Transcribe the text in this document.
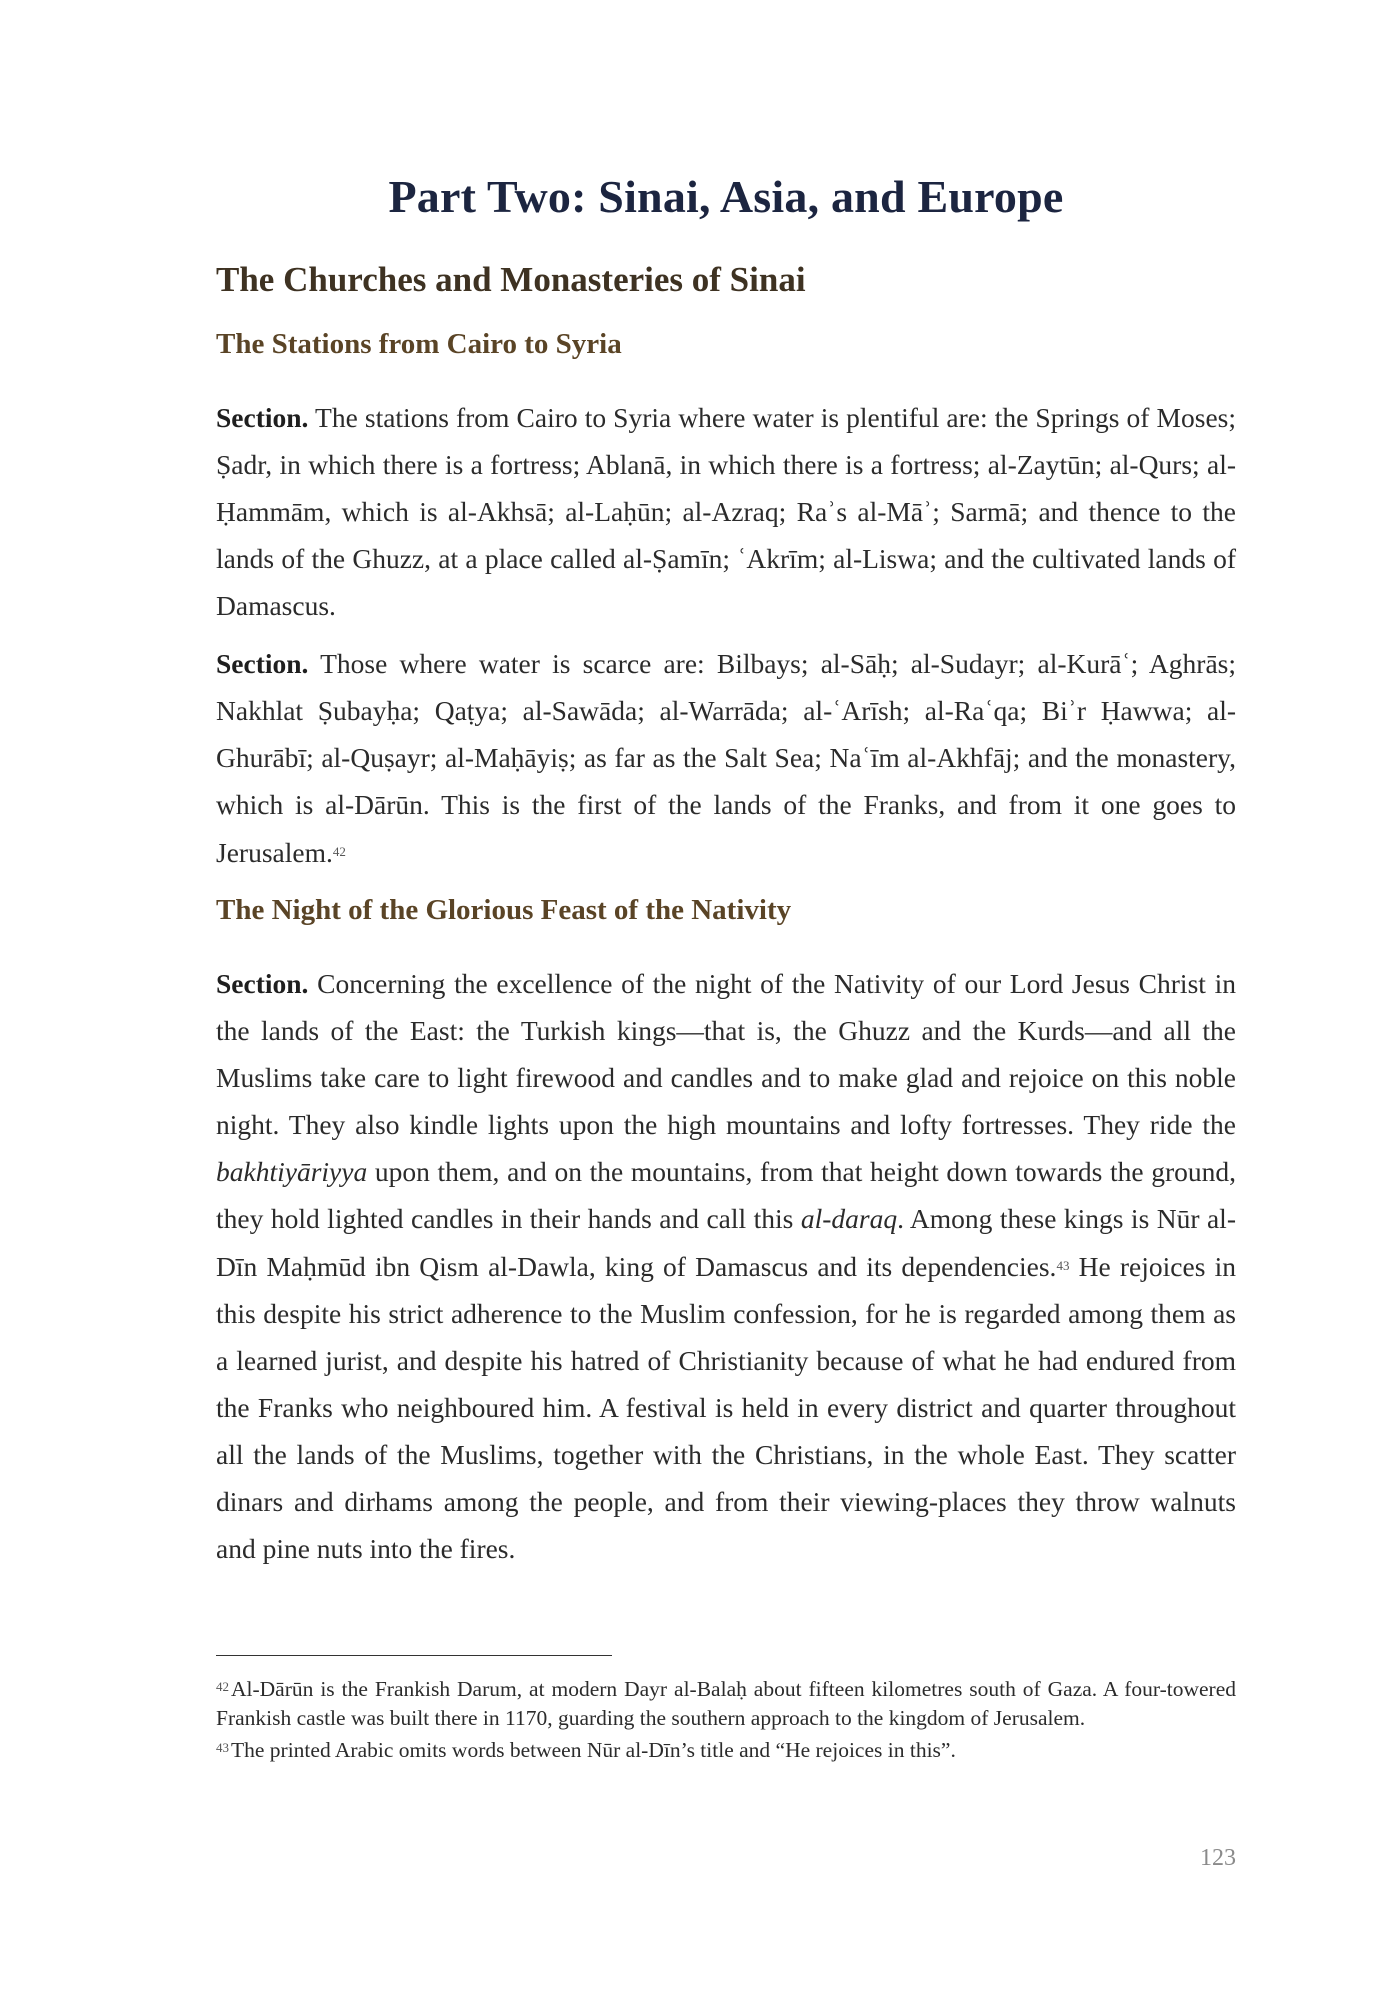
Part Two: Sinai, Asia, and Europe
The Churches and Monasteries of Sinai
The Stations from Cairo to Syria

Section. The stations from Cairo to Syria where water is plentiful are: the Springs of Moses; Ṣadr, in which there is a fortress; Ablanā, in which there is a fortress; al-Zaytūn; al-Qurs; al-Ḥammām, which is al-Akhsā; al-Laḥūn; al-Azraq; Raʾs al-Māʾ; Sarmā; and thence to the lands of the Ghuzz, at a place called al-Ṣamīn; ʿAkrīm; al-Liswa; and the cultivated lands of Damascus.

Section. Those where water is scarce are: Bilbays; al-Sāḥ; al-Sudayr; al-Kurāʿ; Aghrās; Nakhlat Ṣubayḥa; Qaṭya; al-Sawāda; al-Warrāda; al-ʿArīsh; al-Raʿqa; Biʾr Ḥawwa; al-Ghurābī; al-Quṣayr; al-Maḥāyiṣ; as far as the Salt Sea; Naʿīm al-Akhfāj; and the monastery, which is al-Dārūn. This is the first of the lands of the Franks, and from it one goes to Jerusalem.$^{42}$

The Night of the Glorious Feast of the Nativity

Section. Concerning the excellence of the night of the Nativity of our Lord Jesus Christ in the lands of the East: the Turkish kings—that is, the Ghuzz and the Kurds—and all the Muslims take care to light firewood and candles and to make glad and rejoice on this noble night. They also kindle lights upon the high mountains and lofty fortresses. They ride the bakhtiyāriyya upon them, and on the mountains, from that height down towards the ground, they hold lighted candles in their hands and call this al-daraq. Among these kings is Nūr al-Dīn Maḥmūd ibn Qism al-Dawla, king of Damascus and its dependencies.$^{43}$ He rejoices in this despite his strict adherence to the Muslim confession, for he is regarded among them as a learned jurist, and despite his hatred of Christianity because of what he had endured from the Franks who neighboured him. A festival is held in every district and quarter throughout all the lands of the Muslims, together with the Christians, in the whole East. They scatter dinars and dirhams among the people, and from their viewing-places they throw walnuts and pine nuts into the fires.

$^{42}$Al-Dārūn is the Frankish Darum, at modern Dayr al-Balaḥ about fifteen kilometres south of Gaza. A four-towered Frankish castle was built there in 1170, guarding the southern approach to the kingdom of Jerusalem.

$^{43}$The printed Arabic omits words between Nūr al-Dīn’s title and “He rejoices in this”.

123
